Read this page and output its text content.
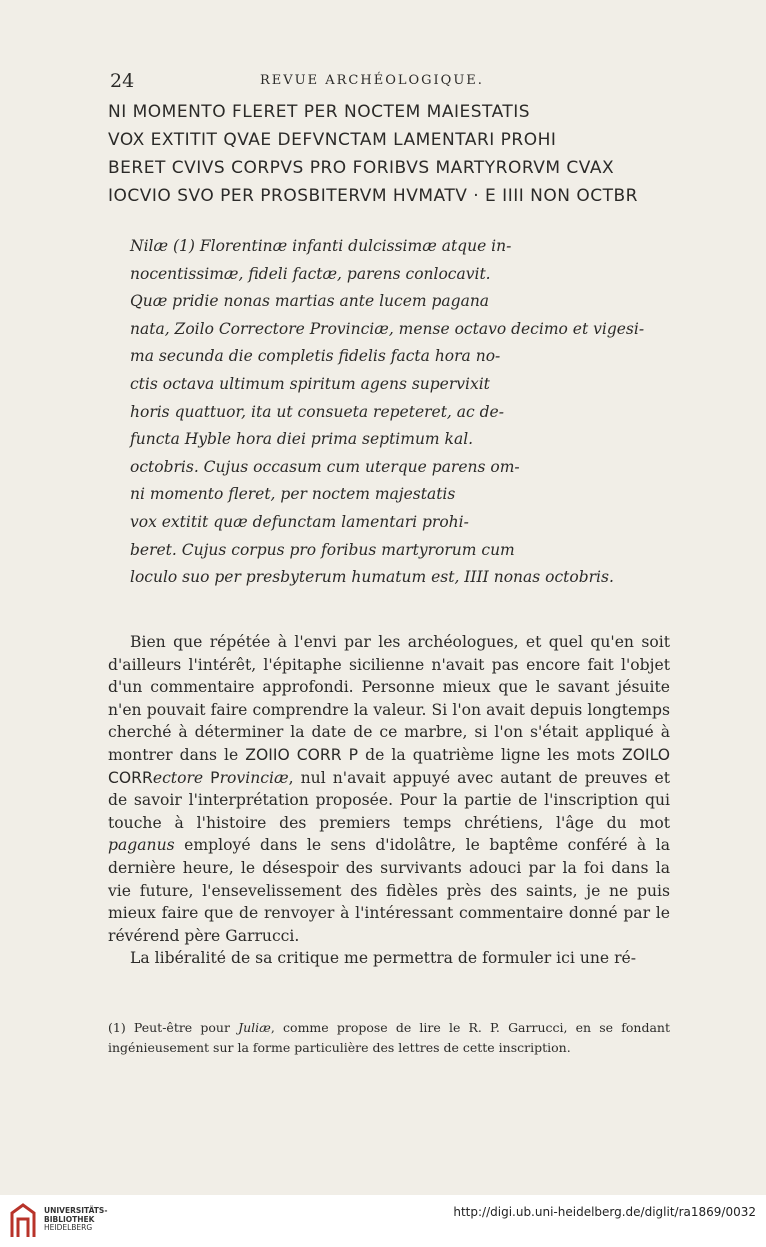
24	REVUE ARCHÉOLOGIQUE.
NI MOMENTO FLERET PER NOCTEM MAIESTATIS
VOX EXTITIT QVAE DEFVNCTAM LAMENTARI PROHI
BERET CVIVS CORPVS PRO FORIBVS MARTYRORVM CVAX
IOCVIO SVO PER PROSBITERVM HVMATV · E IIII NON OCTBR
Nilæ (1) Florentinæ infanti dulcissimæ atque in-
nocentissimæ, fideli factæ, parens conlocavit.
Quæ pridie nonas martias ante lucem pagana
nata, Zoilo Correctore Provinciæ, mense octavo decimo et vigesi-
ma secunda die completis fidelis facta hora no-
ctis octava ultimum spiritum agens supervixit
horis quattuor, ita ut consueta repeteret, ac de-
functa Hyble hora diei prima septimum kal.
octobris. Cujus occasum cum uterque parens om-
ni momento fleret, per noctem majestatis
vox extitit quæ defunctam lamentari prohi-
beret. Cujus corpus pro foribus martyrorum cum
loculo suo per presbyterum humatum est, IIII nonas octobris.

Bien que répétée à l'envi par les archéologues, et quel qu'en soit d'ailleurs l'intérêt, l'épitaphe sicilienne n'avait pas encore fait l'objet d'un commentaire approfondi. Personne mieux que le savant jésuite n'en pouvait faire comprendre la valeur. Si l'on avait depuis longtemps cherché à déterminer la date de ce marbre, si l'on s'était appliqué à montrer dans le ZOIIO CORR P de la quatrième ligne les mots ZOILO CORRectore Provinciæ, nul n'avait appuyé avec autant de preuves et de savoir l'interprétation proposée. Pour la partie de l'inscription qui touche à l'histoire des premiers temps chrétiens, l'âge du mot paganus employé dans le sens d'idolâtre, le baptême conféré à la dernière heure, le désespoir des survivants adouci par la foi dans la vie future, l'ensevelissement des fidèles près des saints, je ne puis mieux faire que de renvoyer à l'intéressant commentaire donné par le révérend père Garrucci.

La libéralité de sa critique me permettra de formuler ici une ré-

(1) Peut-être pour Juliæ, comme propose de lire le R. P. Garrucci, en se fondant ingénieusement sur la forme particulière des lettres de cette inscription.
UNIVERSITÄTS-
BIBLIOTHEK
HEIDELBERG
http://digi.ub.uni-heidelberg.de/diglit/ra1869/0032
